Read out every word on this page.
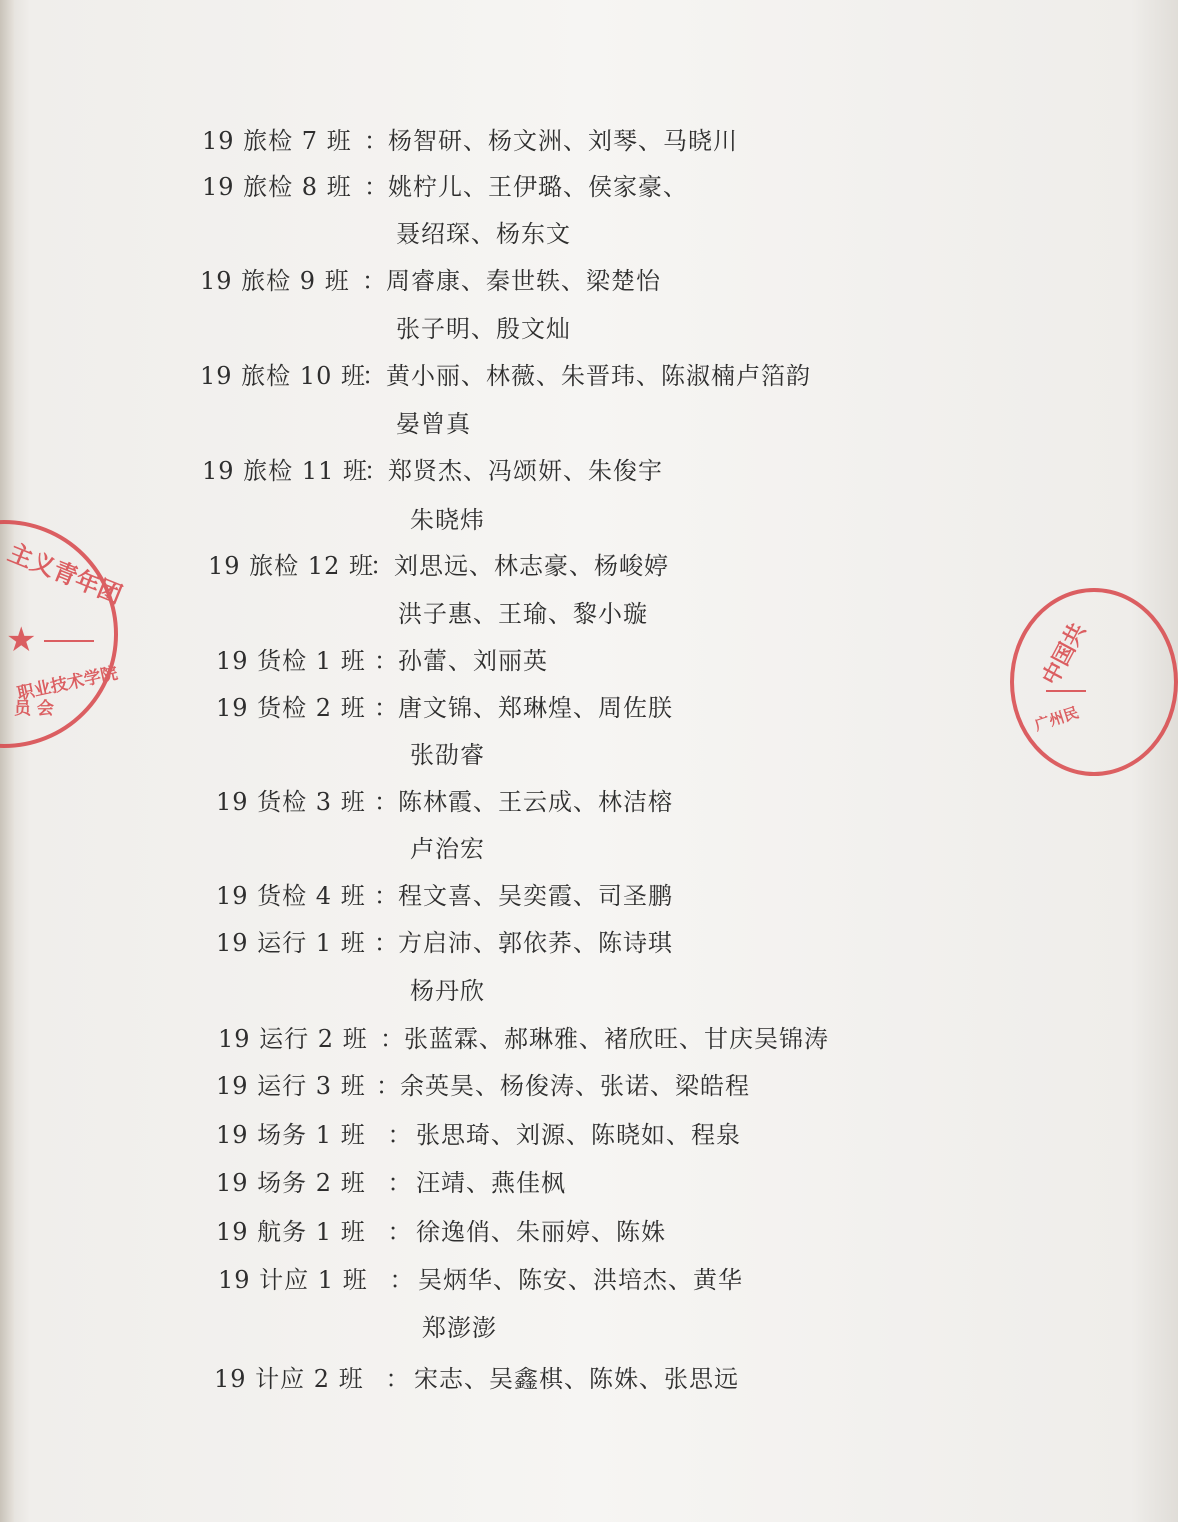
主义青年团
★
职业技术学院
员 会
中国共
广州民
19 旅检 7 班 ： 杨智研、杨文洲、刘琴、马晓川
19 旅检 8 班 ： 姚柠儿、王伊璐、侯家豪、
聂绍琛、杨东文
19 旅检 9 班 ： 周睿康、秦世轶、梁楚怡
张子明、殷文灿
19 旅检 10 班
： 黄小丽、林薇、朱晋玮、陈淑楠卢箔韵
晏曾真
19 旅检 11 班
： 郑贤杰、冯颂妍、朱俊宇
朱晓炜
19 旅检 12 班
： 刘思远、林志豪、杨峻婷
洪子惠、王瑜、黎小璇
19 货检 1 班 ： 孙蕾、刘丽英
19 货检 2 班 ： 唐文锦、郑琳煌、周佐朕
张劭睿
19 货检 3 班 ： 陈林霞、王云成、林洁榕
卢治宏
19 货检 4 班 ： 程文喜、吴奕霞、司圣鹏
19 运行 1 班 ： 方启沛、郭依荞、陈诗琪
杨丹欣
19 运行 2 班 ： 张蓝霖、郝琳雅、褚欣旺、甘庆吴锦涛
19 运行 3 班 ： 余英昊、杨俊涛、张诺、梁皓程
19 场务 1 班 ： 张思琦、刘源、陈晓如、程泉
19 场务 2 班 ： 汪靖、燕佳枫
19 航务 1 班 ： 徐逸俏、朱丽婷、陈姝
19 计应 1 班 ： 吴炳华、陈安、洪培杰、黄华
郑澎澎
19 计应 2 班 ： 宋志、吴鑫棋、陈姝、张思远
